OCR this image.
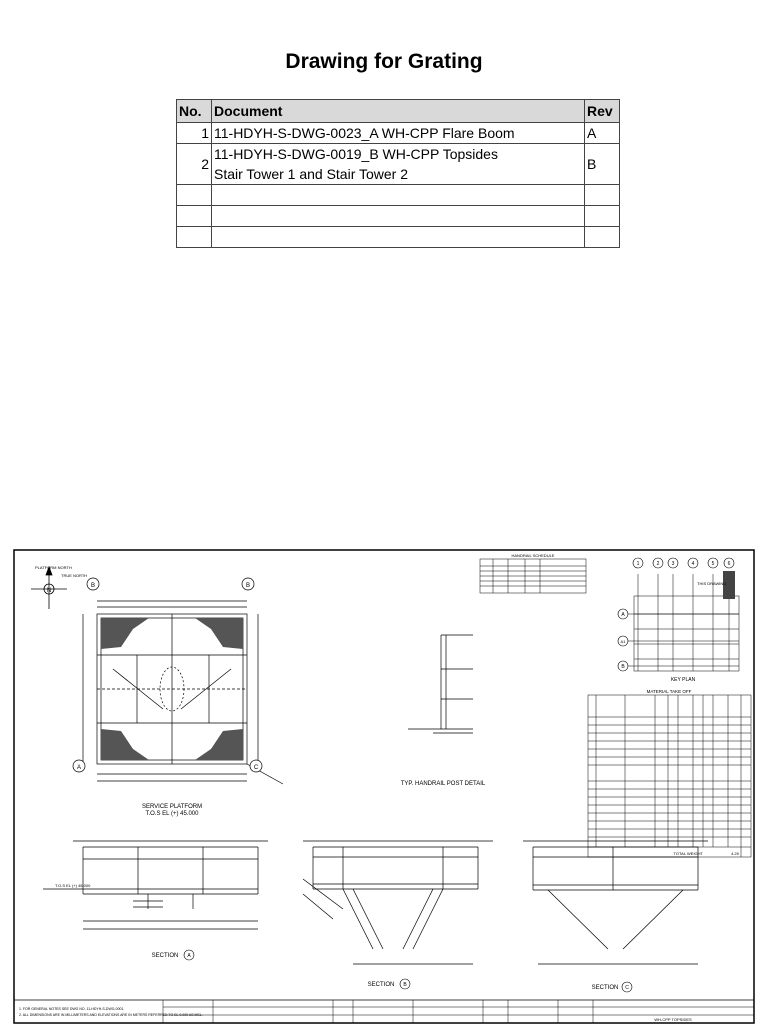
Drawing for Grating
No.	Document	Rev
1	11-HDYH-S-DWG-0023_A WH-CPP Flare Boom	A
2	11-HDYH-S-DWG-0019_B WH-CPP Topsides
Stair Tower 1 and Stair Tower 2	B

N
TRUE NORTH
PLATFORM NORTH
B	B
A	C
SERVICE PLATFORM
T.O.S EL (+) 45.000
HANDRAIL SCHEDULE
TYP. HANDRAIL POST DETAIL
1	2 3	4	5	6
A
A1
B
THIS DRAWING
KEY PLAN
MATERIAL TAKE OFF
TOTAL WEIGHT	4.25
T.O.S EL (+) 45.000
SECTION A
SECTION B	SECTION C
1. FOR GENERAL NOTES SEE DWG NO. 11-HDYH-S-DWG-0001.
2. ALL DIMENSIONS ARE IN MILLIMETERS AND ELEVATIONS ARE IN METERS REFERRED TO EL 0.000 AS MSL.
WH-CPP TOPSIDES
